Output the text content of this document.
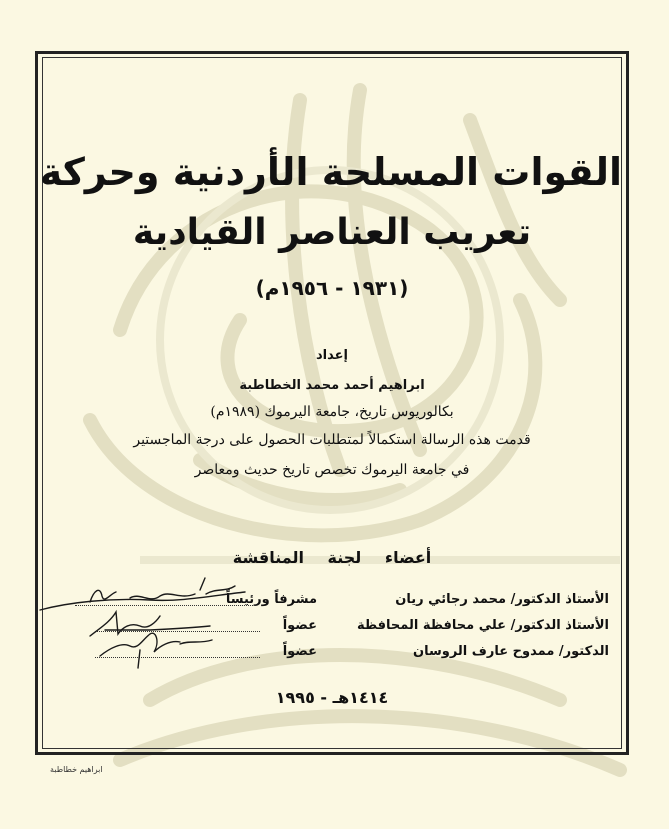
القوات المسلحة الأردنية وحركة
تعريب العناصر القيادية
(١٩٣١ - ١٩٥٦م)
إعداد
ابراهيم أحمد محمد الخطاطبة
بكالوريوس تاريخ، جامعة اليرموك (١٩٨٩م)
قدمت هذه الرسالة استكمالاً لمتطلبات الحصول على درجة الماجستير
في جامعة اليرموك تخصص تاريخ حديث ومعاصر
أعضاء لجنة المناقشة
الأستاذ الدكتور/ محمد رجائي ريان
مشرفاً ورئيساً
الأستاذ الدكتور/ علي محافظة المحافظة
عضواً
الدكتور/ ممدوح عارف الروسان
عضواً
١٤١٤هـ - ١٩٩٥
ابراهيم خطاطبة
